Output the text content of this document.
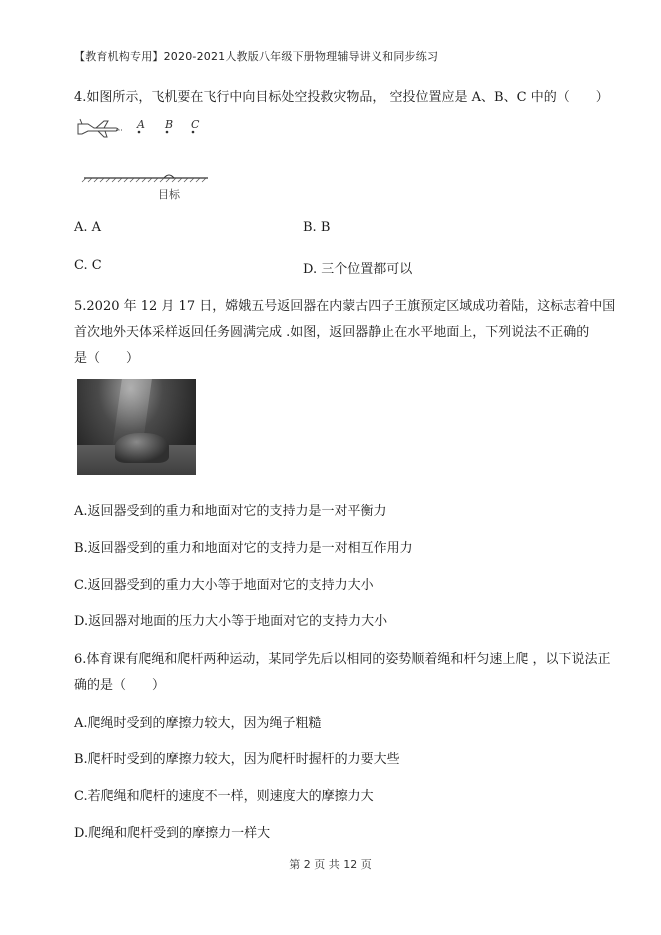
【教育机构专用】2020-2021人教版八年级下册物理辅导讲义和同步练习
4.如图所示，飞机要在飞行中向目标处空投救灾物品， 空投位置应是 A、B、C 中的（　　）
A B C
目标
A. A	B. B
C. C	D. 三个位置都可以
5.2020 年 12 月 17 日，嫦娥五号返回器在内蒙古四子王旗预定区域成功着陆，这标志着中国
首次地外天体采样返回任务圆满完成 .如图，返回器静止在水平地面上，下列说法不正确的
是（　　）
A.返回器受到的重力和地面对它的支持力是一对平衡力
B.返回器受到的重力和地面对它的支持力是一对相互作用力
C.返回器受到的重力大小等于地面对它的支持力大小
D.返回器对地面的压力大小等于地面对它的支持力大小
6.体育课有爬绳和爬杆两种运动，某同学先后以相同的姿势顺着绳和杆匀速上爬 ，以下说法正
确的是（　　）
A.爬绳时受到的摩擦力较大，因为绳子粗糙
B.爬杆时受到的摩擦力较大，因为爬杆时握杆的力要大些
C.若爬绳和爬杆的速度不一样，则速度大的摩擦力大
D.爬绳和爬杆受到的摩擦力一样大
第 2 页 共 12 页
